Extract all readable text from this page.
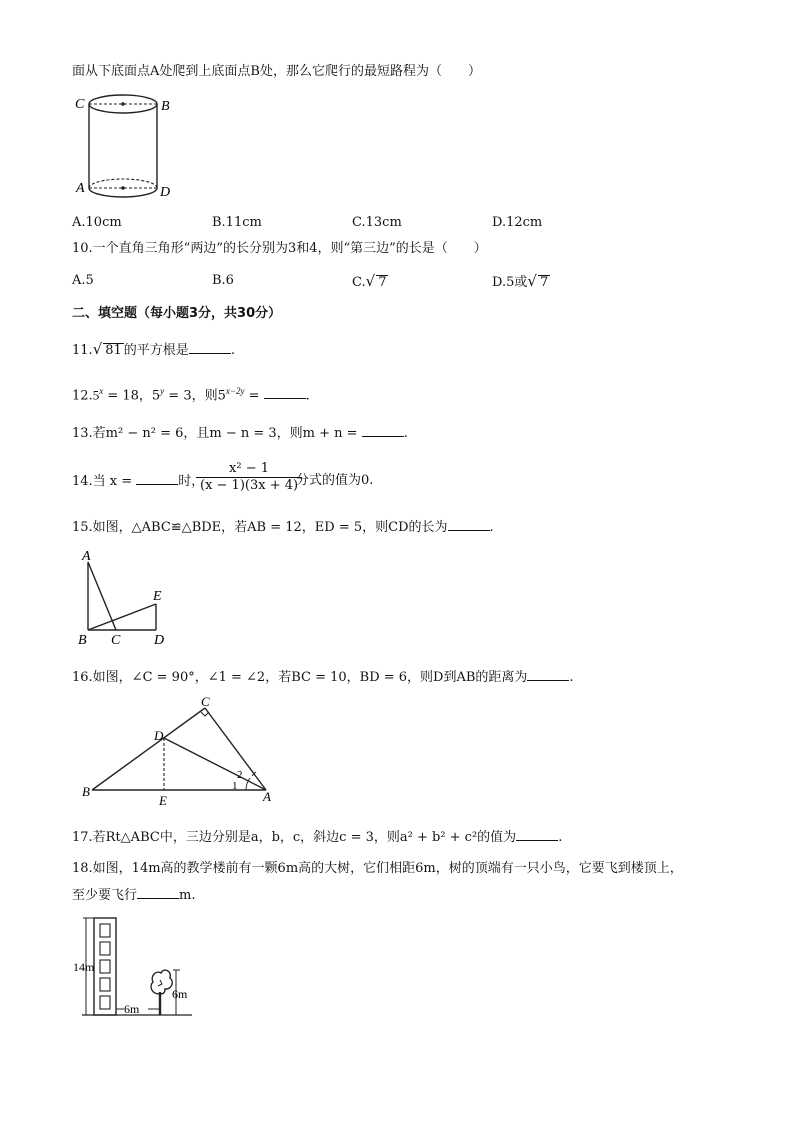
面从下底面点A处爬到上底面点B处，那么它爬行的最短路程为（　　）
C	B
A	D
A.10cm	B.11cm	C.13cm	D.12cm
10.一个直角三角形“两边”的长分别为3和4，则“第三边”的长是（　　）
A.5	B.6	C.√ 7	D.5或√ 7
二、填空题（每小题3分，共30分）
11.√ 81 的平方根是	.
$12.5^x = 18$，$5^y = 3$，则$5^{x-2y}$ =	.
13.若m² − n² = 6，且m − n = 3，则m + n =	.
14.当 x =	时，
$\frac{\text{x² − 1}}{(x - 1)(3x + 4)}$
分式的值为0.
15.如图，△ABC≌△BDE，若AB = 12，ED = 5，则CD的长为	.
A
E
B C D
16.如图，∠C = 90°，∠1 = ∠2，若BC = 10，BD = 6，则D到AB的距离为	.
C
D
B
E	A
1
2
17.若Rt△ABC中，三边分别是a，b，c，斜边c = 3，则a² + b² + c²的值为	.
18.如图，14m高的教学楼前有一颗6m高的大树，它们相距6m，树的顶端有一只小鸟，它要飞到楼顶上，
至少要飞行	m.
14m
6m
6m
